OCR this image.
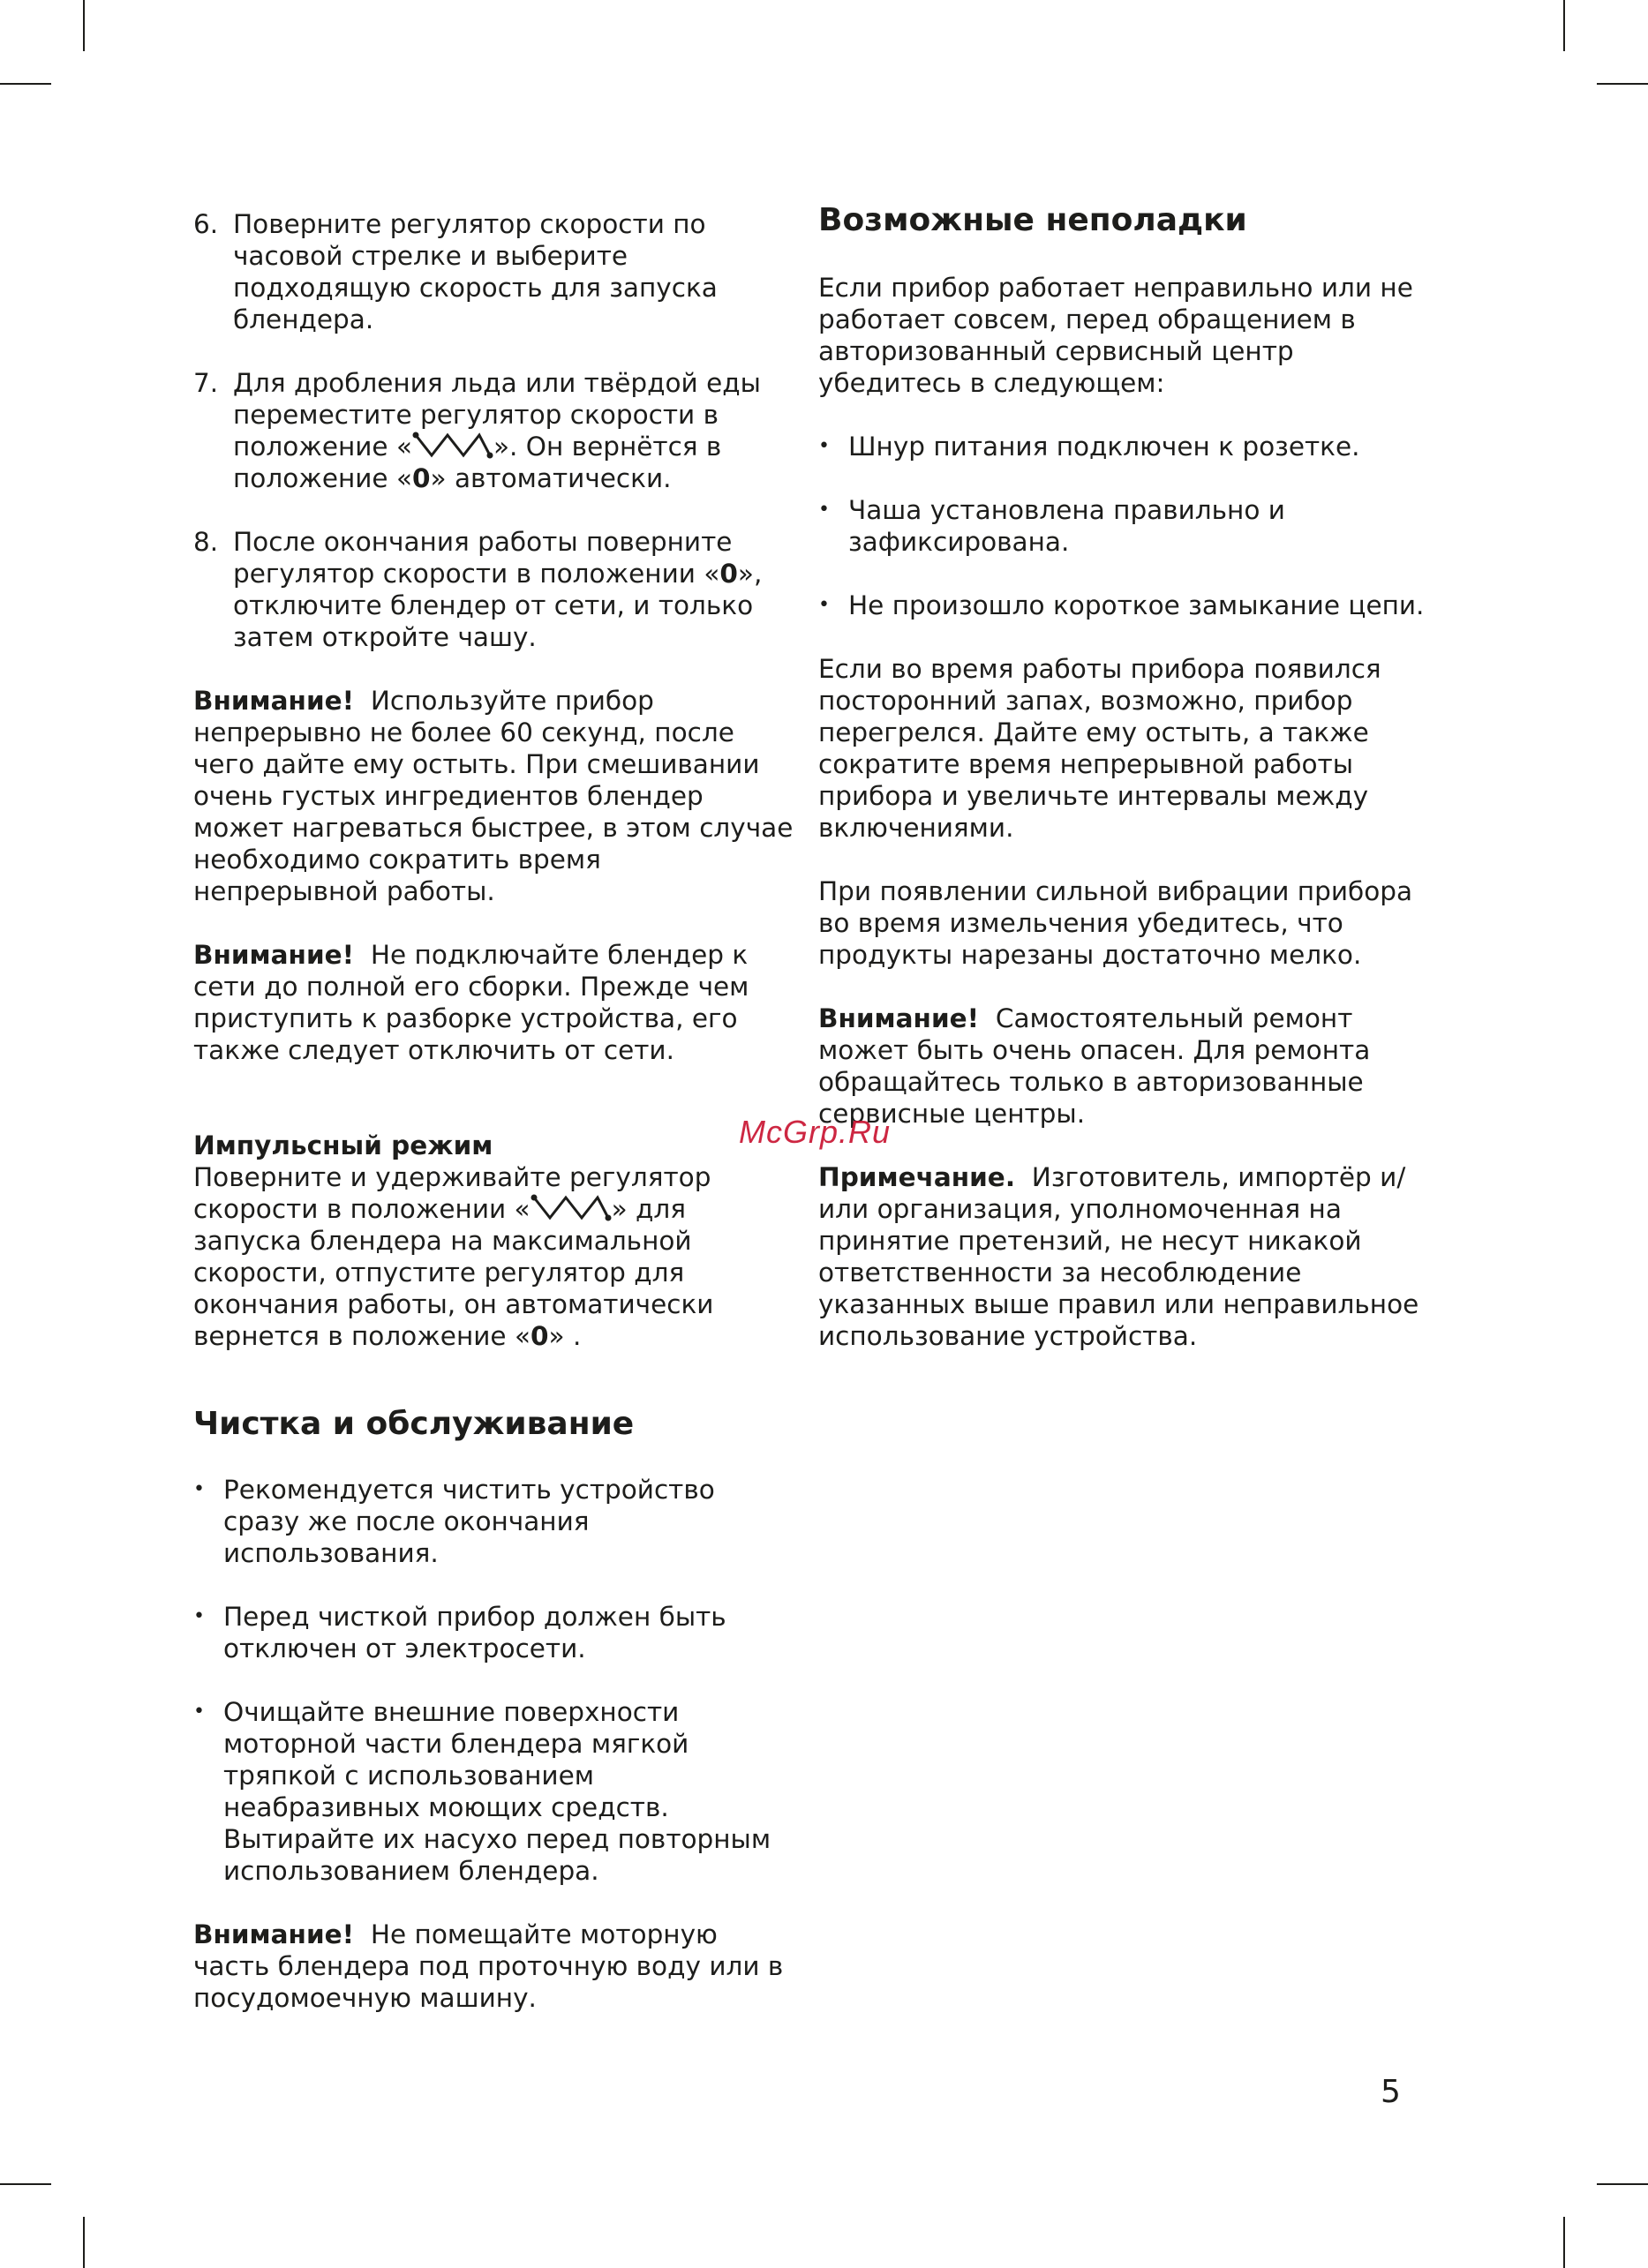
6. Поверните регулятор скорости по часовой стрелке и выберите подходящую скорость для запуска блендера.
7. Для дробления льда или твёрдой еды переместите регулятор скорости в положение «	». Он вернётся в положение «0» автоматически.
8. После окончания работы поверните регулятор скорости в положении «0», отключите блендер от сети, и только затем откройте чашу.

Внимание! Используйте прибор непрерывно не более 60 секунд, после чего дайте ему остыть. При смешивании очень густых ингредиентов блендер может нагреваться быстрее, в этом случае необходимо сократить время непрерывной работы.

Внимание! Не подключайте блендер к сети до полной его сборки. Прежде чем приступить к разборке устройства, его также следует отключить от сети.

Импульсный режим

Поверните и удерживайте регулятор скорости в положении «	» для запуска блендера на максимальной скорости, отпустите регулятор для окончания работы, он автоматически вернется в положение «0» .

Чистка и обслуживание
• Рекомендуется чистить устройство сразу же после окончания использования.
• Перед чисткой прибор должен быть отключен от электросети.
• Очищайте внешние поверхности моторной части блендера мягкой тряпкой с использованием неабразивных моющих средств. Вытирайте их насухо перед повторным использованием блендера.

Внимание! Не помещайте моторную часть блендера под проточную воду или в посудомоечную машину.

Возможные неполадки

Если прибор работает неправильно или не работает совсем, перед обращением в авторизованный сервисный центр убедитесь в следующем:

• Шнур питания подключен к розетке.
• Чаша установлена правильно и зафиксирована.
• Не произошло короткое замыкание цепи.

Если во время работы прибора появился посторонний запах, возможно, прибор перегрелся. Дайте ему остыть, а также сократите время непрерывной работы прибора и увеличьте интервалы между включениями.

При появлении сильной вибрации прибора во время измельчения убедитесь, что продукты нарезаны достаточно мелко.

Внимание! Самостоятельный ремонт может быть очень опасен. Для ремонта обращайтесь только в авторизованные сервисные центры.

Примечание. Изготовитель, импортёр и/или организация, уполномоченная на принятие претензий, не несут никакой ответственности за несоблюдение указанных выше правил или неправильное использование устройства.

McGrp.Ru
5
